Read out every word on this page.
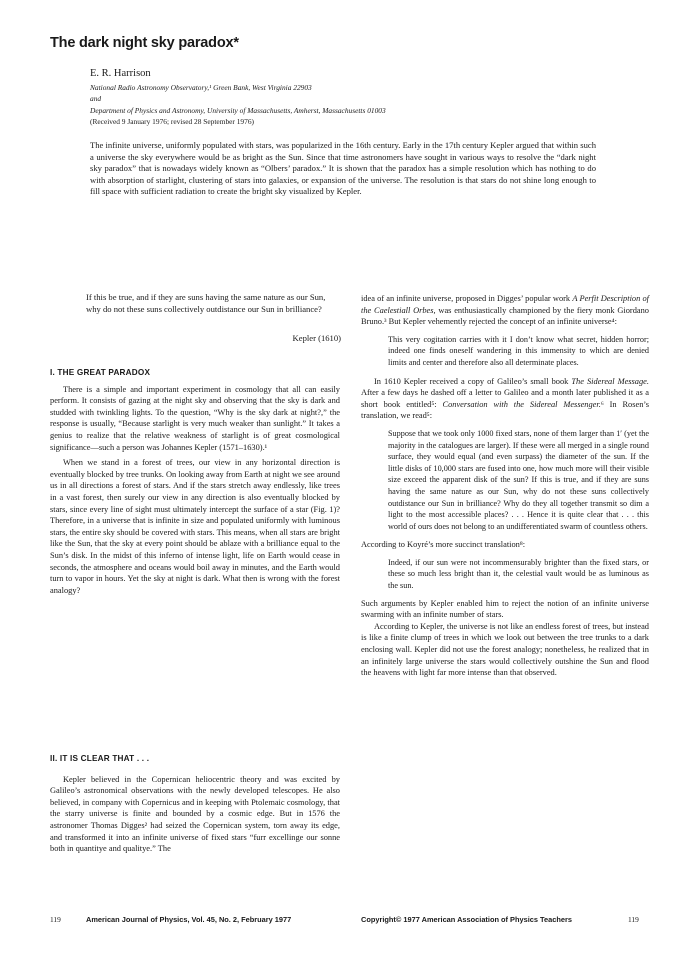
The dark night sky paradox*
E. R. Harrison
National Radio Astronomy Observatory,¹ Green Bank, West Virginia 22903
and
Department of Physics and Astronomy, University of Massachusetts, Amherst, Massachusetts 01003
(Received 9 January 1976; revised 28 September 1976)
The infinite universe, uniformly populated with stars, was popularized in the 16th century. Early in the 17th century Kepler argued that within such a universe the sky everywhere would be as bright as the Sun. Since that time astronomers have sought in various ways to resolve the “dark night sky paradox” that is nowadays widely known as “Olbers’ paradox.” It is shown that the paradox has a simple resolution which has nothing to do with absorption of starlight, clustering of stars into galaxies, or expansion of the universe. The resolution is that stars do not shine long enough to fill space with sufficient radiation to create the bright sky visualized by Kepler.
If this be true, and if they are suns having the same nature as our Sun, why do not these suns collectively outdistance our Sun in brilliance?
Kepler (1610)
I. THE GREAT PARADOX

There is a simple and important experiment in cosmology that all can easily perform. It consists of gazing at the night sky and observing that the sky is dark and studded with twinkling lights. To the question, “Why is the sky dark at night?,” the response is usually, “Because starlight is very much weaker than sunlight.” It takes a genius to realize that the relative weakness of starlight is of great cosmological significance—such a person was Johannes Kepler (1571–1630).¹

When we stand in a forest of trees, our view in any horizontal direction is eventually blocked by tree trunks. On looking away from Earth at night we see around us in all directions a forest of stars. And if the stars stretch away endlessly, like trees in a vast forest, then surely our view in any direction is also eventually blocked by stars, since every line of sight must ultimately intercept the surface of a star (Fig. 1)? Therefore, in a universe that is infinite in size and populated uniformly with luminous stars, the entire sky should be covered with stars. This means, when all stars are bright like the Sun, that the sky at every point should be ablaze with a brilliance equal to the Sun’s disk. In the midst of this inferno of intense light, life on Earth would cease in seconds, the atmosphere and oceans would boil away in minutes, and the Earth would turn to vapor in hours. Yet the sky at night is dark. What then is wrong with the forest analogy?

II. IT IS CLEAR THAT . . .

Kepler believed in the Copernican heliocentric theory and was excited by Galileo’s astronomical observations with the newly developed telescopes. He also believed, in company with Copernicus and in keeping with Ptolemaic cosmology, that the starry universe is finite and bounded by a cosmic edge. But in 1576 the astronomer Thomas Digges² had seized the Copernican system, torn away its edge, and transformed it into an infinite universe of fixed stars “furr excellinge our sonne both in quantityе and qualitye.” The

idea of an infinite universe, proposed in Digges’ popular work A Perfit Description of the Caelestiall Orbes, was enthusiastically championed by the fiery monk Giordano Bruno.³ But Kepler vehemently rejected the concept of an infinite universe⁴:

This very cogitation carries with it I don’t know what secret, hidden horror; indeed one finds oneself wandering in this immensity to which are denied limits and center and therefore also all determinate places.

In 1610 Kepler received a copy of Galileo’s small book The Sidereal Message. After a few days he dashed off a letter to Galileo and a month later published it as a short book entitled⁵: Conversation with the Sidereal Messenger.⁶ In Rosen’s translation, we read⁵:

Suppose that we took only 1000 fixed stars, none of them larger than 1′ (yet the majority in the catalogues are larger). If these were all merged in a single round surface, they would equal (and even surpass) the diameter of the sun. If the little disks of 10,000 stars are fused into one, how much more will their visible size exceed the apparent disk of the sun? If this is true, and if they are suns having the same nature as our Sun, why do not these suns collectively outdistance our Sun in brilliance? Why do they all together transmit so dim a light to the most accessible places? . . . Hence it is quite clear that . . . this world of ours does not belong to an undifferentiated swarm of countless others.

According to Koyré’s more succinct translation⁸:

Indeed, if our sun were not incommensurably brighter than the fixed stars, or these so much less bright than it, the celestial vault would be as luminous as the sun.

Such arguments by Kepler enabled him to reject the notion of an infinite universe swarming with an infinite number of stars.

According to Kepler, the universe is not like an endless forest of trees, but instead is like a finite clump of trees in which we look out between the tree trunks to a dark enclosing wall. Kepler did not use the forest analogy; nonetheless, he realized that in an infinitely large universe the stars would collectively outshine the Sun and flood the heavens with light far more intense than that observed.

119	American Journal of Physics, Vol. 45, No. 2, February 1977	Copyright© 1977 American Association of Physics Teachers	119
